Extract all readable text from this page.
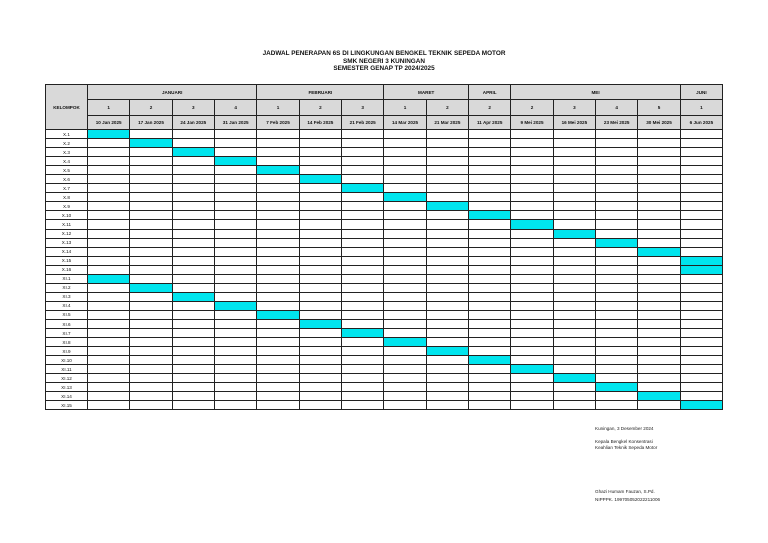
JADWAL PENERAPAN 6S DI LINGKUNGAN BENGKEL TEKNIK SEPEDA MOTOR
SMK NEGERI 3 KUNINGAN
SEMESTER GENAP TP 2024/2025
KELOMPOK	JANUARI				FEBRUARI			MARET		APRIL	MEI				JUNI
	1	2	3	4	1	2	3	1	2	2	2	3	4	5	1
	10 Jan 2025	17 Jan 2025	24 Jan 2025	31 Jan 2025	7 Feb 2025	14 Feb 2025	21 Feb 2025	14 Mar 2025	21 Mar 2025	11 Apr 2025	9 Mei 2025	16 Mei 2025	23 Mei 2025	30 Mei 2025	6 Jun 2025
X.1															
X.2															
X.3															
X.4															
X.5															
X.6															
X.7															
X.8															
X.9															
X.10															
X.11															
X.12															
X.13															
X.14															
X.15															
X.16															
XI.1															
XI.2															
XI.3															
XI.4															
XI.5															
XI.6															
XI.7															
XI.8															
XI.9															
XI.10															
XI.11															
XI.12															
XI.13															
XI.14															
XI.15															
Kuningan, 3 Desember 2024
Kepala Bengkel Konsentrasi
Keahlian Teknik Sepeda Motor
Ghazi Humam Fauzan, S.Pd.
NIPPPK. 199705052022211006
